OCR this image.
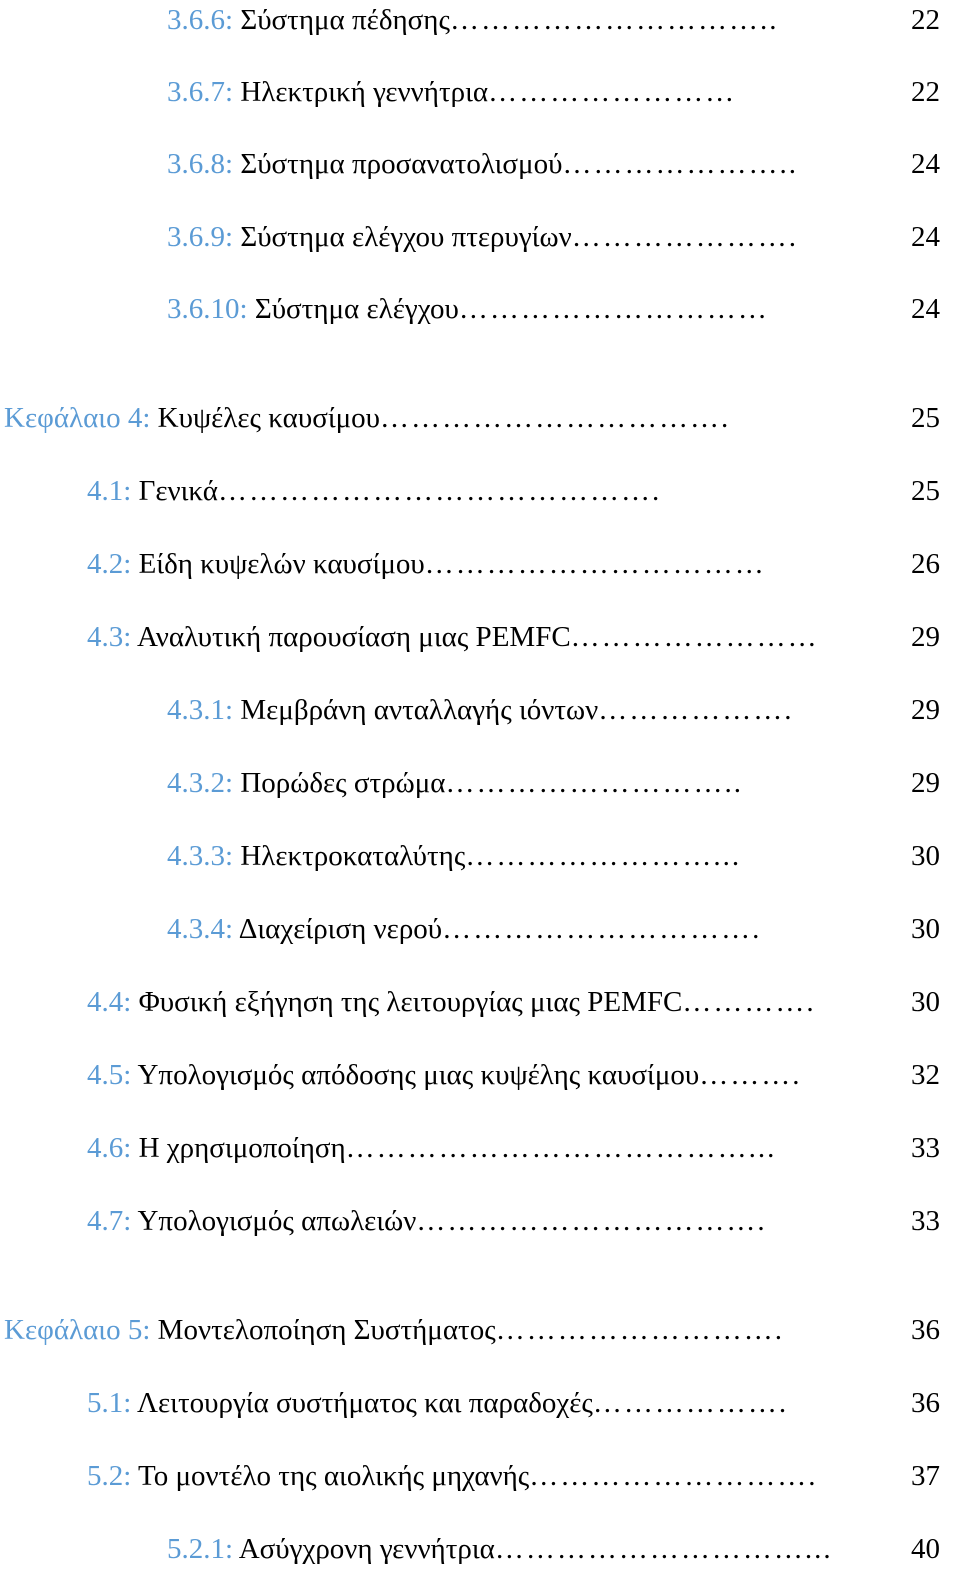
3.6.6: Σύστημα πέδησης…………………………..	22
3.6.7: Ηλεκτρική γεννήτρια……………………	22
3.6.8: Σύστημα προσανατολισμού…………………..	24
3.6.9: Σύστημα ελέγχου πτερυγίων………………….	24
3.6.10: Σύστημα ελέγχου…………………………	24
Κεφάλαιο 4: Κυψέλες καυσίμου…………………………….	25
4.1: Γενικά…………………………………….	25
4.2: Είδη κυψελών καυσίμου……………………………	26
4.3: Αναλυτική παρουσίαση μιας PEMFC……………………	29
4.3.1: Μεμβράνη ανταλλαγής ιόντων……………….	29
4.3.2: Πορώδες στρώμα………………………..	29
4.3.3: Ηλεκτροκαταλύτης……………………...	30
4.3.4: Διαχείριση νερού………………………….	30
4.4: Φυσική εξήγηση της λειτουργίας μιας PEMFC………….	30
4.5: Υπολογισμός απόδοσης μιας κυψέλης καυσίμου……….	32
4.6: Η χρησιμοποίηση…………………………………...	33
4.7: Υπολογισμός απωλειών…………………………….	33
Κεφάλαιο 5: Μοντελοποίηση Συστήματος……………………….	36
5.1: Λειτουργία συστήματος και παραδοχές……………….	36
5.2: Το μοντέλο της αιολικής μηχανής……………………….	37
5.2.1: Ασύγχρονη γεννήτρια…………………………...	40
